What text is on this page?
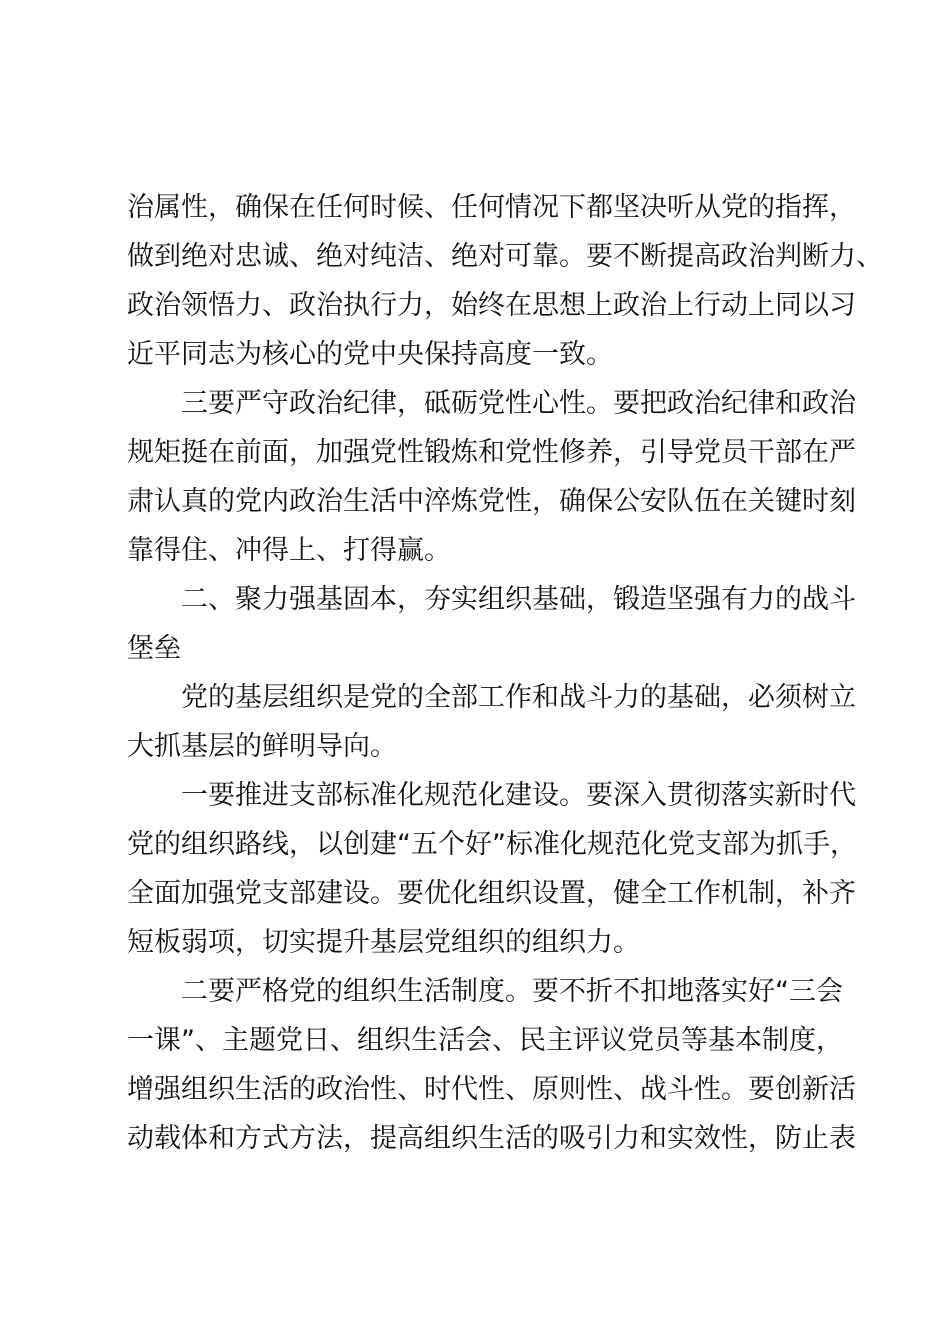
治属性，确保在任何时候、任何情况下都坚决听从党的指挥，
做到绝对忠诚、绝对纯洁、绝对可靠。要不断提高政治判断力、
政治领悟力、政治执行力，始终在思想上政治上行动上同以习
近平同志为核心的党中央保持高度一致。
三要严守政治纪律，砥砺党性心性。要把政治纪律和政治
规矩挺在前面，加强党性锻炼和党性修养，引导党员干部在严
肃认真的党内政治生活中淬炼党性，确保公安队伍在关键时刻
靠得住、冲得上、打得赢。
二、聚力强基固本，夯实组织基础，锻造坚强有力的战斗
堡垒
党的基层组织是党的全部工作和战斗力的基础，必须树立
大抓基层的鲜明导向。
一要推进支部标准化规范化建设。要深入贯彻落实新时代
党的组织路线，以创建“五个好”标准化规范化党支部为抓手，
全面加强党支部建设。要优化组织设置，健全工作机制，补齐
短板弱项，切实提升基层党组织的组织力。
二要严格党的组织生活制度。要不折不扣地落实好“三会
一课”、主题党日、组织生活会、民主评议党员等基本制度，
增强组织生活的政治性、时代性、原则性、战斗性。要创新活
动载体和方式方法，提高组织生活的吸引力和实效性，防止表
